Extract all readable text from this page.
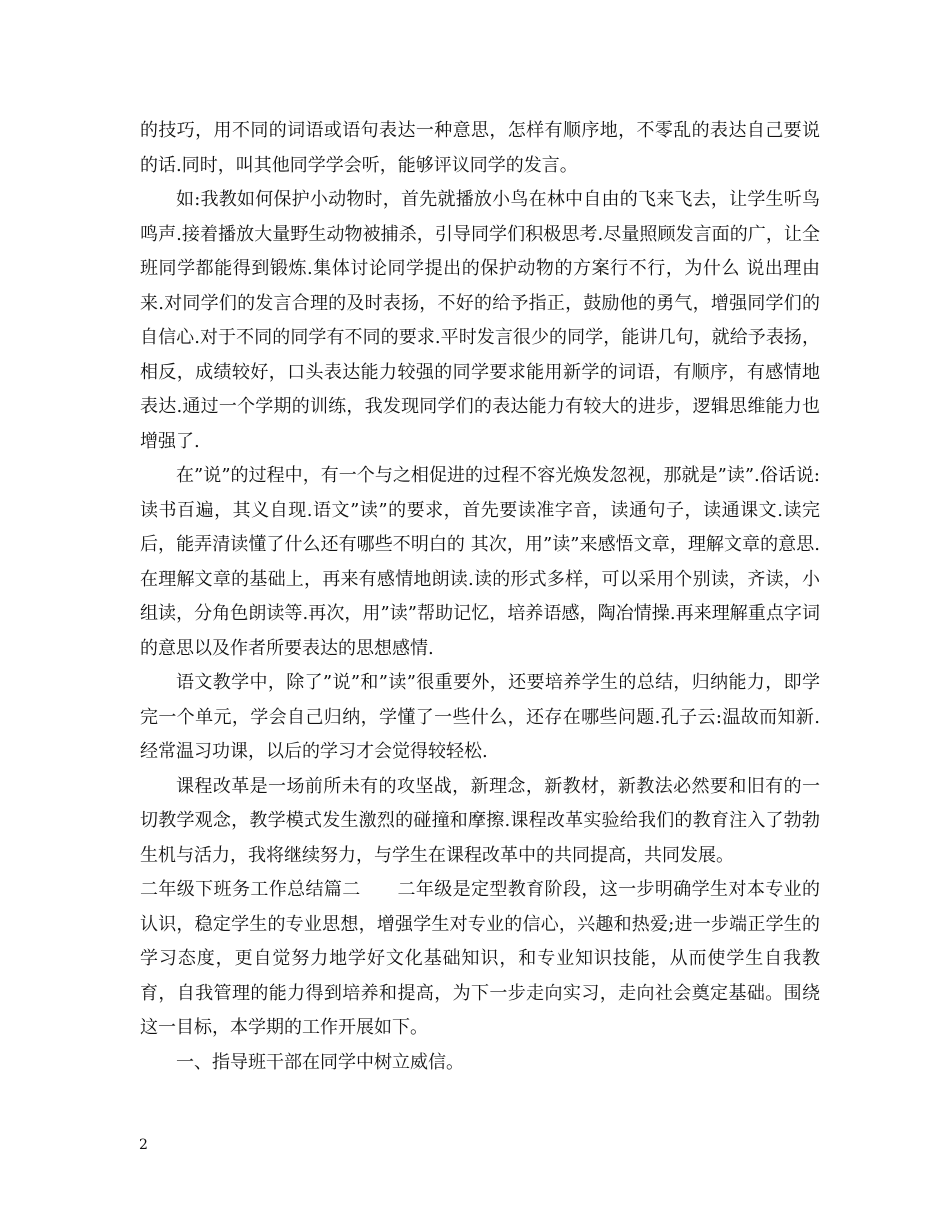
的技巧，用不同的词语或语句表达一种意思，怎样有顺序地，不零乱的表达自己要说的话.同时，叫其他同学学会听，能够评议同学的发言。

如:我教如何保护小动物时，首先就播放小鸟在林中自由的飞来飞去，让学生听鸟鸣声.接着播放大量野生动物被捕杀，引导同学们积极思考.尽量照顾发言面的广，让全班同学都能得到锻炼.集体讨论同学提出的保护动物的方案行不行，为什么 说出理由来.对同学们的发言合理的及时表扬，不好的给予指正，鼓励他的勇气，增强同学们的自信心.对于不同的同学有不同的要求.平时发言很少的同学，能讲几句，就给予表扬，相反，成绩较好，口头表达能力较强的同学要求能用新学的词语，有顺序，有感情地表达.通过一个学期的训练，我发现同学们的表达能力有较大的进步，逻辑思维能力也增强了.

在”说”的过程中，有一个与之相促进的过程不容光焕发忽视，那就是”读”.俗话说:读书百遍，其义自现.语文”读”的要求，首先要读准字音，读通句子，读通课文.读完后，能弄清读懂了什么还有哪些不明白的 其次，用”读”来感悟文章，理解文章的意思.在理解文章的基础上，再来有感情地朗读.读的形式多样，可以采用个别读，齐读，小组读，分角色朗读等.再次，用”读”帮助记忆，培养语感，陶冶情操.再来理解重点字词的意思以及作者所要表达的思想感情.

语文教学中，除了”说”和”读”很重要外，还要培养学生的总结，归纳能力，即学完一个单元，学会自己归纳，学懂了一些什么，还存在哪些问题.孔子云:温故而知新.经常温习功课，以后的学习才会觉得较轻松.

课程改革是一场前所未有的攻坚战，新理念，新教材，新教法必然要和旧有的一切教学观念，教学模式发生激烈的碰撞和摩擦.课程改革实验给我们的教育注入了勃勃生机与活力，我将继续努力，与学生在课程改革中的共同提高，共同发展。

二年级下班务工作总结篇二　　二年级是定型教育阶段，这一步明确学生对本专业的认识，稳定学生的专业思想，增强学生对专业的信心，兴趣和热爱;进一步端正学生的学习态度，更自觉努力地学好文化基础知识，和专业知识技能，从而使学生自我教育，自我管理的能力得到培养和提高，为下一步走向实习，走向社会奠定基础。围绕这一目标，本学期的工作开展如下。

一、指导班干部在同学中树立威信。

2
